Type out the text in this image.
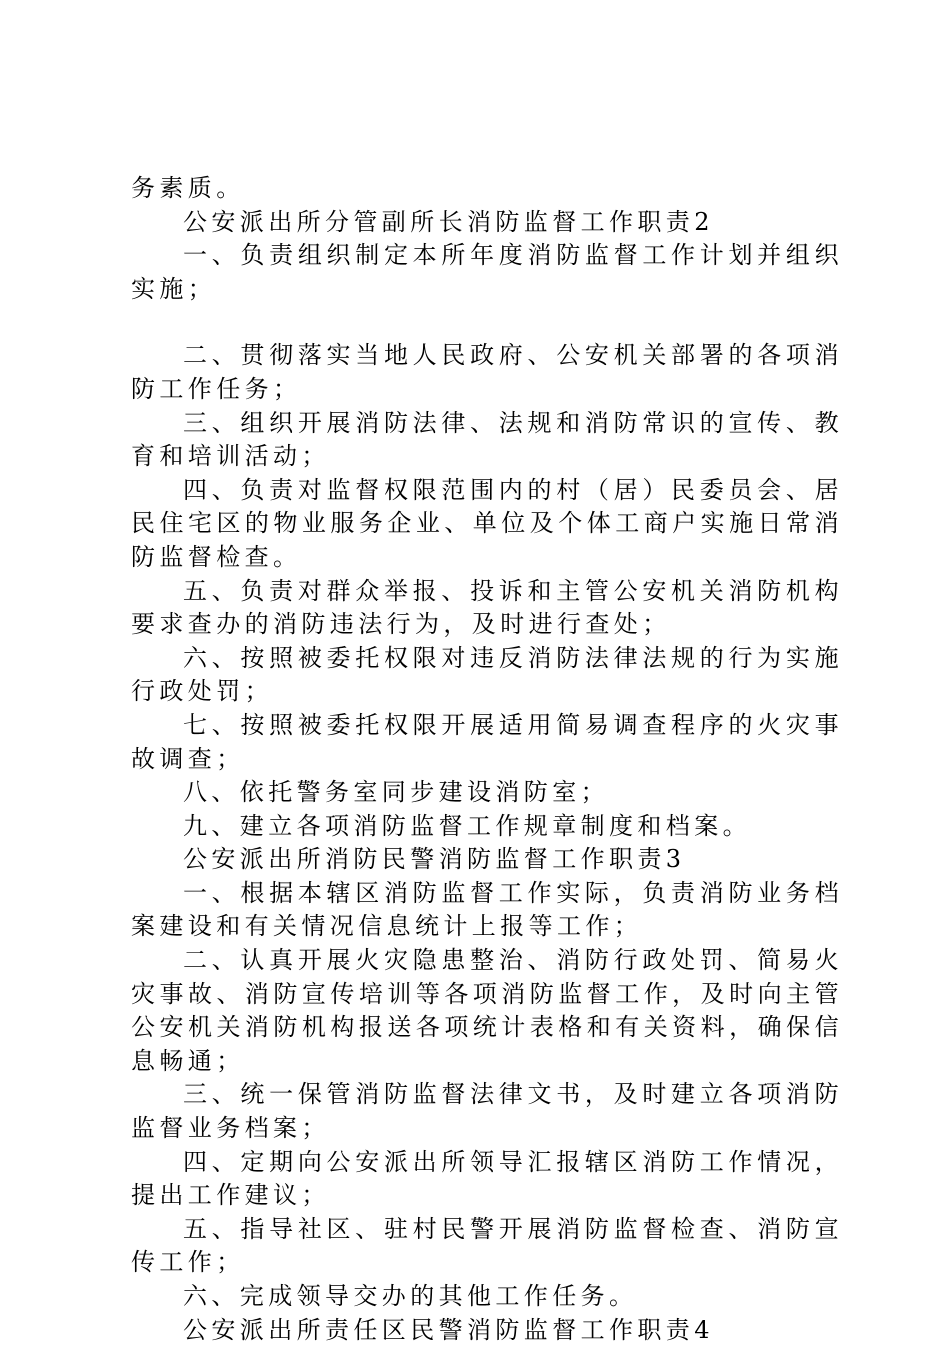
务素质。

公安派出所分管副所长消防监督工作职责2

一、负责组织制定本所年度消防监督工作计划并组织实施；

二、贯彻落实当地人民政府、公安机关部署的各项消防工作任务；

三、组织开展消防法律、法规和消防常识的宣传、教育和培训活动；

四、负责对监督权限范围内的村（居）民委员会、居民住宅区的物业服务企业、单位及个体工商户实施日常消防监督检查。

五、负责对群众举报、投诉和主管公安机关消防机构要求查办的消防违法行为，及时进行查处；

六、按照被委托权限对违反消防法律法规的行为实施行政处罚；

七、按照被委托权限开展适用简易调查程序的火灾事故调查；

八、依托警务室同步建设消防室；

九、建立各项消防监督工作规章制度和档案。

公安派出所消防民警消防监督工作职责3

一、根据本辖区消防监督工作实际，负责消防业务档案建设和有关情况信息统计上报等工作；

二、认真开展火灾隐患整治、消防行政处罚、简易火灾事故、消防宣传培训等各项消防监督工作，及时向主管公安机关消防机构报送各项统计表格和有关资料，确保信息畅通；

三、统一保管消防监督法律文书，及时建立各项消防监督业务档案；

四、定期向公安派出所领导汇报辖区消防工作情况，提出工作建议；

五、指导社区、驻村民警开展消防监督检查、消防宣传工作；

六、完成领导交办的其他工作任务。

公安派出所责任区民警消防监督工作职责4
